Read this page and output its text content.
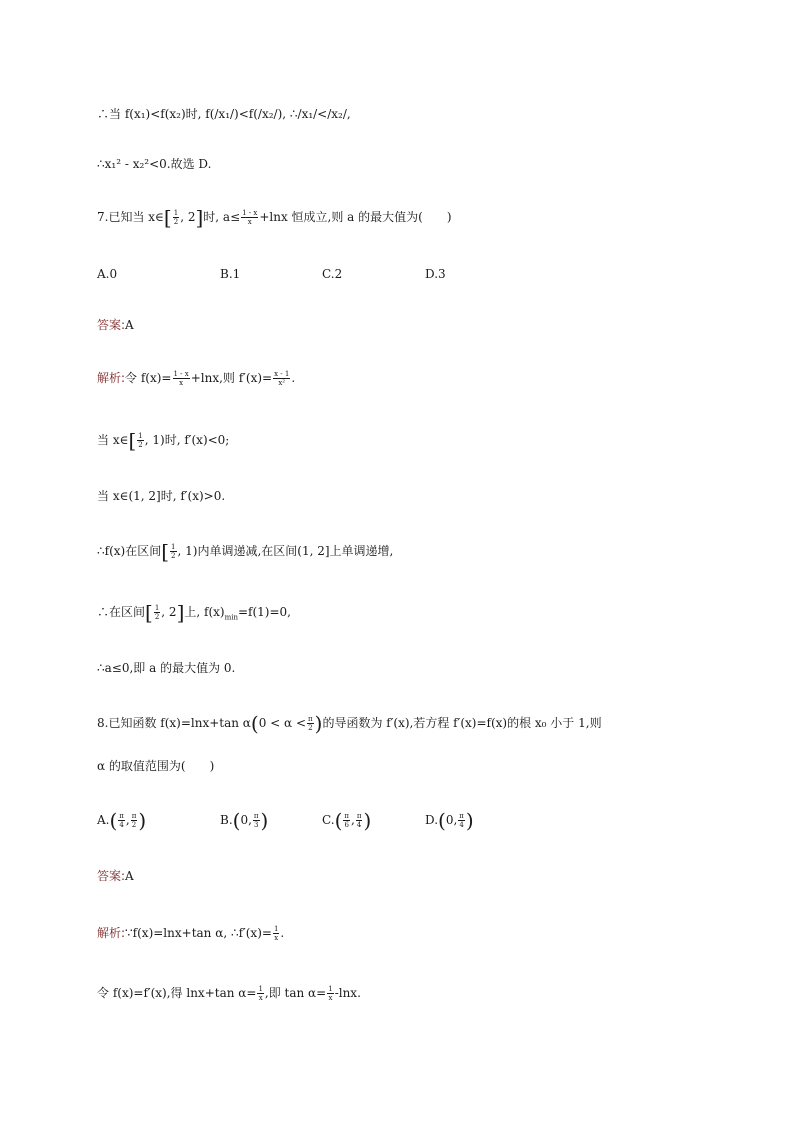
∴当 f(x₁)<f(x₂)时, f(/x₁/)<f(/x₂/), ∴/x₁/</x₂/,
∴x₁² - x₂²<0.故选 D.
7.已知当 x∈[ $\frac{1}{2}$ , 2]时, $a\le \frac{1 - x}{x} +\ln x$ 恒成立,则 a 的最大值为(　　)
A.0	B.1	C.2	D.3
答案:A
解析:令 $f(x)= \frac{1 - x}{x} +\ln x$,则 $f'(x)= \frac{x - 1}{\text{x²}}$ .
当 x∈[ $\frac{1}{2}$ , 1)时, f′(x)<0;
当 x∈(1, 2]时, f′(x)>0.
∴f(x)在区间[ $\frac{1}{2}$ , 1)内单调递减,在区间(1, 2]上单调递增,
∴在区间[ $\frac{1}{2}$ , 2]上, $f(x)_{min}=f(1)=0$,
∴a≤0,即 a 的最大值为 0.
8.已知函数 f(x)=lnx+tan $\alpha(0 < \alpha < \frac{\pi}{2}$ )的导函数为 f′(x),若方程 f′(x)=f(x)的根 x₀ 小于 1,则
α 的取值范围为(　　)
$A.( \frac{\pi}{4}$ , $\frac{\pi}{2}$ )	B.(0, $\frac{\pi}{3}$ )	$C.( \frac{\pi}{6}$ , $\frac{\pi}{4}$ )	D.(0, $\frac{\pi}{4}$ )
答案:A
解析:∵f(x)=lnx+tan α, ∴f′(x)= $\frac{1}{x}$ .
令 f(x)=f′(x),得 lnx+tan $\alpha= \frac{1}{x}$ ,即 $\tan \alpha= \frac{1}{x} -\ln x$.
